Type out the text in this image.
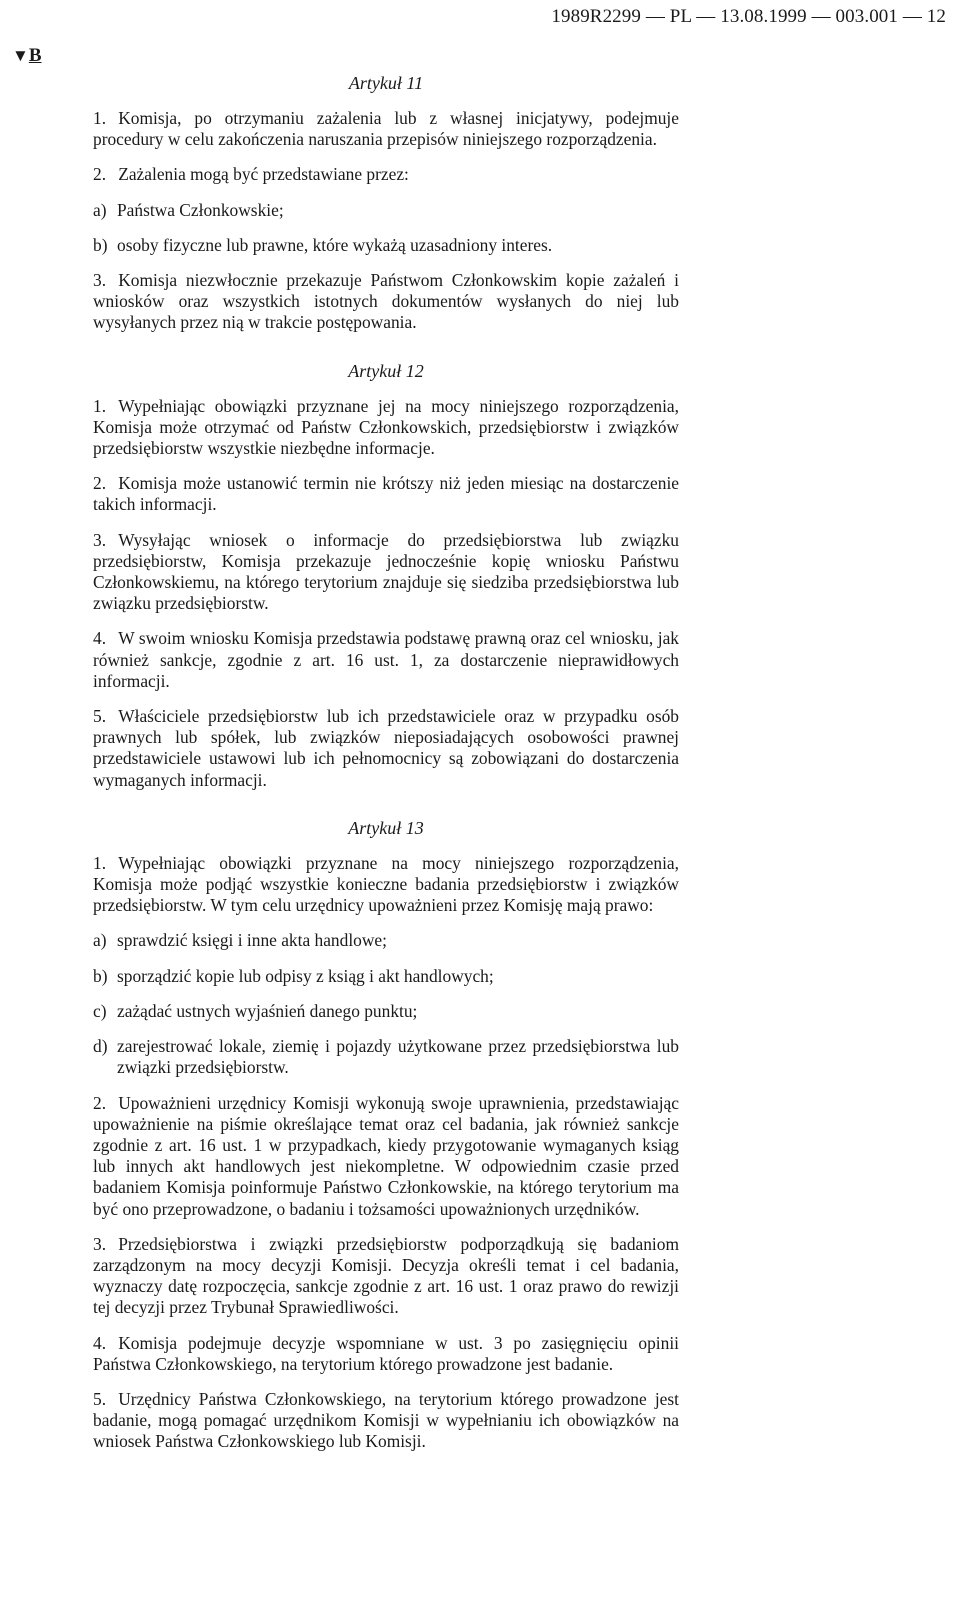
1989R2299 — PL — 13.08.1999 — 003.001 — 12
▼B
Artykuł 11
1. Komisja, po otrzymaniu zażalenia lub z własnej inicjatywy, podejmuje procedury w celu zakończenia naruszania przepisów niniejszego rozporządzenia.
2. Zażalenia mogą być przedstawiane przez:
a) Państwa Członkowskie;
b) osoby fizyczne lub prawne, które wykażą uzasadniony interes.
3. Komisja niezwłocznie przekazuje Państwom Członkowskim kopie zażaleń i wniosków oraz wszystkich istotnych dokumentów wysłanych do niej lub wysyłanych przez nią w trakcie postępowania.
Artykuł 12
1. Wypełniając obowiązki przyznane jej na mocy niniejszego rozporządzenia, Komisja może otrzymać od Państw Członkowskich, przedsiębiorstw i związków przedsiębiorstw wszystkie niezbędne informacje.
2. Komisja może ustanowić termin nie krótszy niż jeden miesiąc na dostarczenie takich informacji.
3. Wysyłając wniosek o informacje do przedsiębiorstwa lub związku przedsiębiorstw, Komisja przekazuje jednocześnie kopię wniosku Państwu Członkowskiemu, na którego terytorium znajduje się siedziba przedsiębiorstwa lub związku przedsiębiorstw.
4. W swoim wniosku Komisja przedstawia podstawę prawną oraz cel wniosku, jak również sankcje, zgodnie z art. 16 ust. 1, za dostarczenie nieprawidłowych informacji.
5. Właściciele przedsiębiorstw lub ich przedstawiciele oraz w przypadku osób prawnych lub spółek, lub związków nieposiadających osobowości prawnej przedstawiciele ustawowi lub ich pełnomocnicy są zobowiązani do dostarczenia wymaganych informacji.
Artykuł 13
1. Wypełniając obowiązki przyznane na mocy niniejszego rozporządzenia, Komisja może podjąć wszystkie konieczne badania przedsiębiorstw i związków przedsiębiorstw. W tym celu urzędnicy upoważnieni przez Komisję mają prawo:
a) sprawdzić księgi i inne akta handlowe;
b) sporządzić kopie lub odpisy z ksiąg i akt handlowych;
c) zażądać ustnych wyjaśnień danego punktu;
d) zarejestrować lokale, ziemię i pojazdy użytkowane przez przedsiębiorstwa lub związki przedsiębiorstw.
2. Upoważnieni urzędnicy Komisji wykonują swoje uprawnienia, przedstawiając upoważnienie na piśmie określające temat oraz cel badania, jak również sankcje zgodnie z art. 16 ust. 1 w przypadkach, kiedy przygotowanie wymaganych ksiąg lub innych akt handlowych jest niekompletne. W odpowiednim czasie przed badaniem Komisja poinformuje Państwo Członkowskie, na którego terytorium ma być ono przeprowadzone, o badaniu i tożsamości upoważnionych urzędników.
3. Przedsiębiorstwa i związki przedsiębiorstw podporządkują się badaniom zarządzonym na mocy decyzji Komisji. Decyzja określi temat i cel badania, wyznaczy datę rozpoczęcia, sankcje zgodnie z art. 16 ust. 1 oraz prawo do rewizji tej decyzji przez Trybunał Sprawiedliwości.
4. Komisja podejmuje decyzje wspomniane w ust. 3 po zasięgnięciu opinii Państwa Członkowskiego, na terytorium którego prowadzone jest badanie.
5. Urzędnicy Państwa Członkowskiego, na terytorium którego prowadzone jest badanie, mogą pomagać urzędnikom Komisji w wypełnianiu ich obowiązków na wniosek Państwa Członkowskiego lub Komisji.
